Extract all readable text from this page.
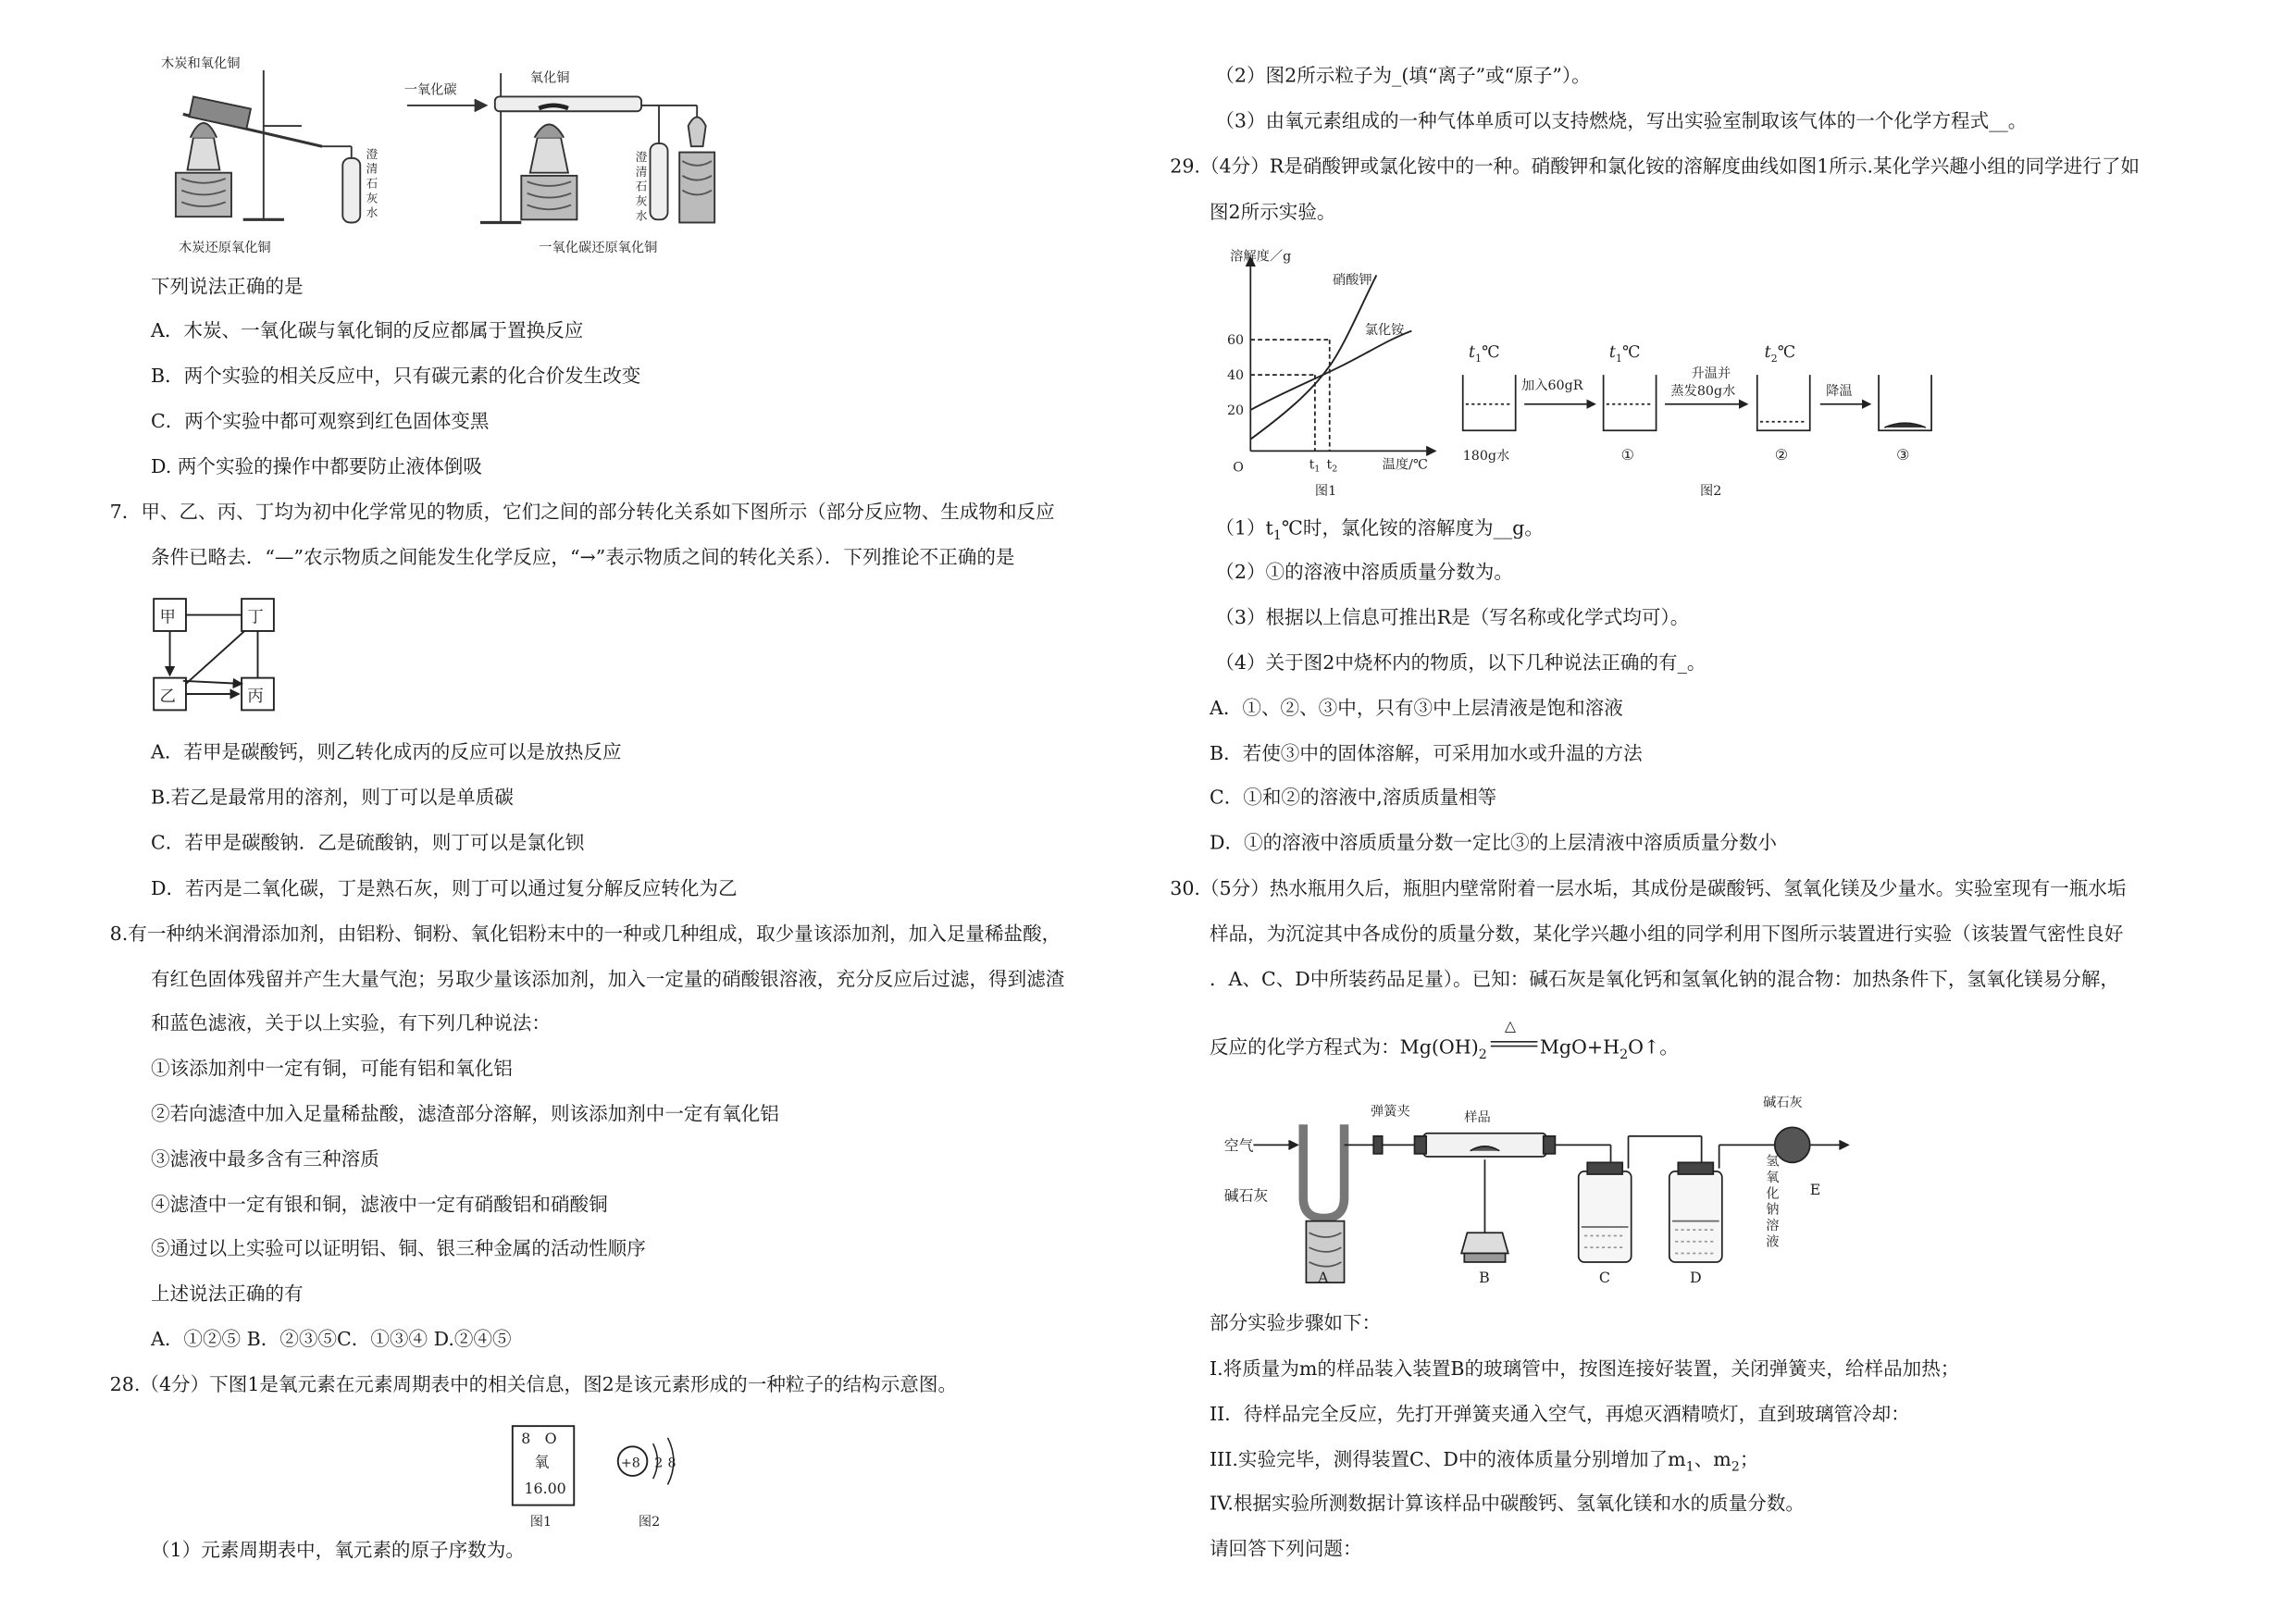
木炭和氧化铜
澄清石灰水
木炭还原氧化铜
一氧化碳
氧化铜
澄清石灰水
一氧化碳还原氧化铜
下列说法正确的是
A．木炭、一氧化碳与氧化铜的反应都属于置换反应
B．两个实验的相关反应中，只有碳元素的化合价发生改变
C．两个实验中都可观察到红色固体变黑
D. 两个实验的操作中都要防止液体倒吸
7．甲、乙、丙、丁均为初中化学常见的物质，它们之间的部分转化关系如下图所示（部分反应物、生成物和反应
条件已略去．“—”农示物质之间能发生化学反应，“→”表示物质之间的转化关系）．下列推论不正确的是
甲	丁
乙	丙
A．若甲是碳酸钙，则乙转化成丙的反应可以是放热反应
B.若乙是最常用的溶剂，则丁可以是单质碳
C．若甲是碳酸钠．乙是硫酸钠，则丁可以是氯化钡
D．若丙是二氧化碳，丁是熟石灰，则丁可以通过复分解反应转化为乙
8.有一种纳米润滑添加剂，由铝粉、铜粉、氧化铝粉末中的一种或几种组成，取少量该添加剂，加入足量稀盐酸，
有红色固体残留并产生大量气泡；另取少量该添加剂，加入一定量的硝酸银溶液，充分反应后过滤，得到滤渣
和蓝色滤液，关于以上实验，有下列几种说法：
①该添加剂中一定有铜，可能有铝和氧化铝
②若向滤渣中加入足量稀盐酸，滤渣部分溶解，则该添加剂中一定有氧化铝
③滤液中最多含有三种溶质
④滤渣中一定有银和铜，滤液中一定有硝酸铝和硝酸铜
⑤通过以上实验可以证明铝、铜、银三种金属的活动性顺序
上述说法正确的有
A．①②⑤ B．②③⑤C．①③④ D.②④⑤
28.（4分）下图1是氧元素在元素周期表中的相关信息，图2是该元素形成的一种粒子的结构示意图。
8 O
氧
16.00
图1
+8 2 8
图2
（1）元素周期表中，氧元素的原子序数为。
（2）图2所示粒子为_(填“离子”或“原子”）。
（3）由氧元素组成的一种气体单质可以支持燃烧，写出实验室制取该气体的一个化学方程式__。
29.（4分）R是硝酸钾或氯化铵中的一种。硝酸钾和氯化铵的溶解度曲线如图1所示.某化学兴趣小组的同学进行了如
图2所示实验。
溶解度／g
温度/℃
O
60
40
20
$t_1$ $t_2$
硝酸钾
氯化铵
图1
$t_1℃$	$t_1℃$	$t_2℃$
加入60gR
升温并
蒸发80g水	降温
180g水	①	②	③
图2
$(1)t_1℃$时，氯化铵的溶解度为__g。
（2）①的溶液中溶质质量分数为。
（3）根据以上信息可推出R是（写名称或化学式均可）。
（4）关于图2中烧杯内的物质，以下几种说法正确的有_。
A．①、②、③中，只有③中上层清液是饱和溶液
B．若使③中的固体溶解，可采用加水或升温的方法
C．①和②的溶液中,溶质质量相等
D．①的溶液中溶质质量分数一定比③的上层清液中溶质质量分数小
30.（5分）热水瓶用久后，瓶胆内壁常附着一层水垢，其成份是碳酸钙、氢氧化镁及少量水。实验室现有一瓶水垢
样品，为沉淀其中各成份的质量分数，某化学兴趣小组的同学利用下图所示装置进行实验（该装置气密性良好
．A、C、D中所装药品足量）。已知：碱石灰是氧化钙和氢氧化钠的混合物：加热条件下，氢氧化镁易分解，
反应的化学方程式为：$Mg(OH)_2$
△
$MgO+H_2O↑$。
空气
碱石灰
弹簧夹	样品
碱石灰
氢氧化钠溶液
A	B	C	D
E
部分实验步骤如下：
I.将质量为m的样品装入装置B的玻璃管中，按图连接好装置，关闭弹簧夹，给样品加热；
II．待样品完全反应，先打开弹簧夹通入空气，再熄灭酒精喷灯，直到玻璃管冷却：
III.实验完毕，测得装置C、D中的液体质量分别增加了$m_1$、$m_2$；
IV.根据实验所测数据计算该样品中碳酸钙、氢氧化镁和水的质量分数。
请回答下列问题：
